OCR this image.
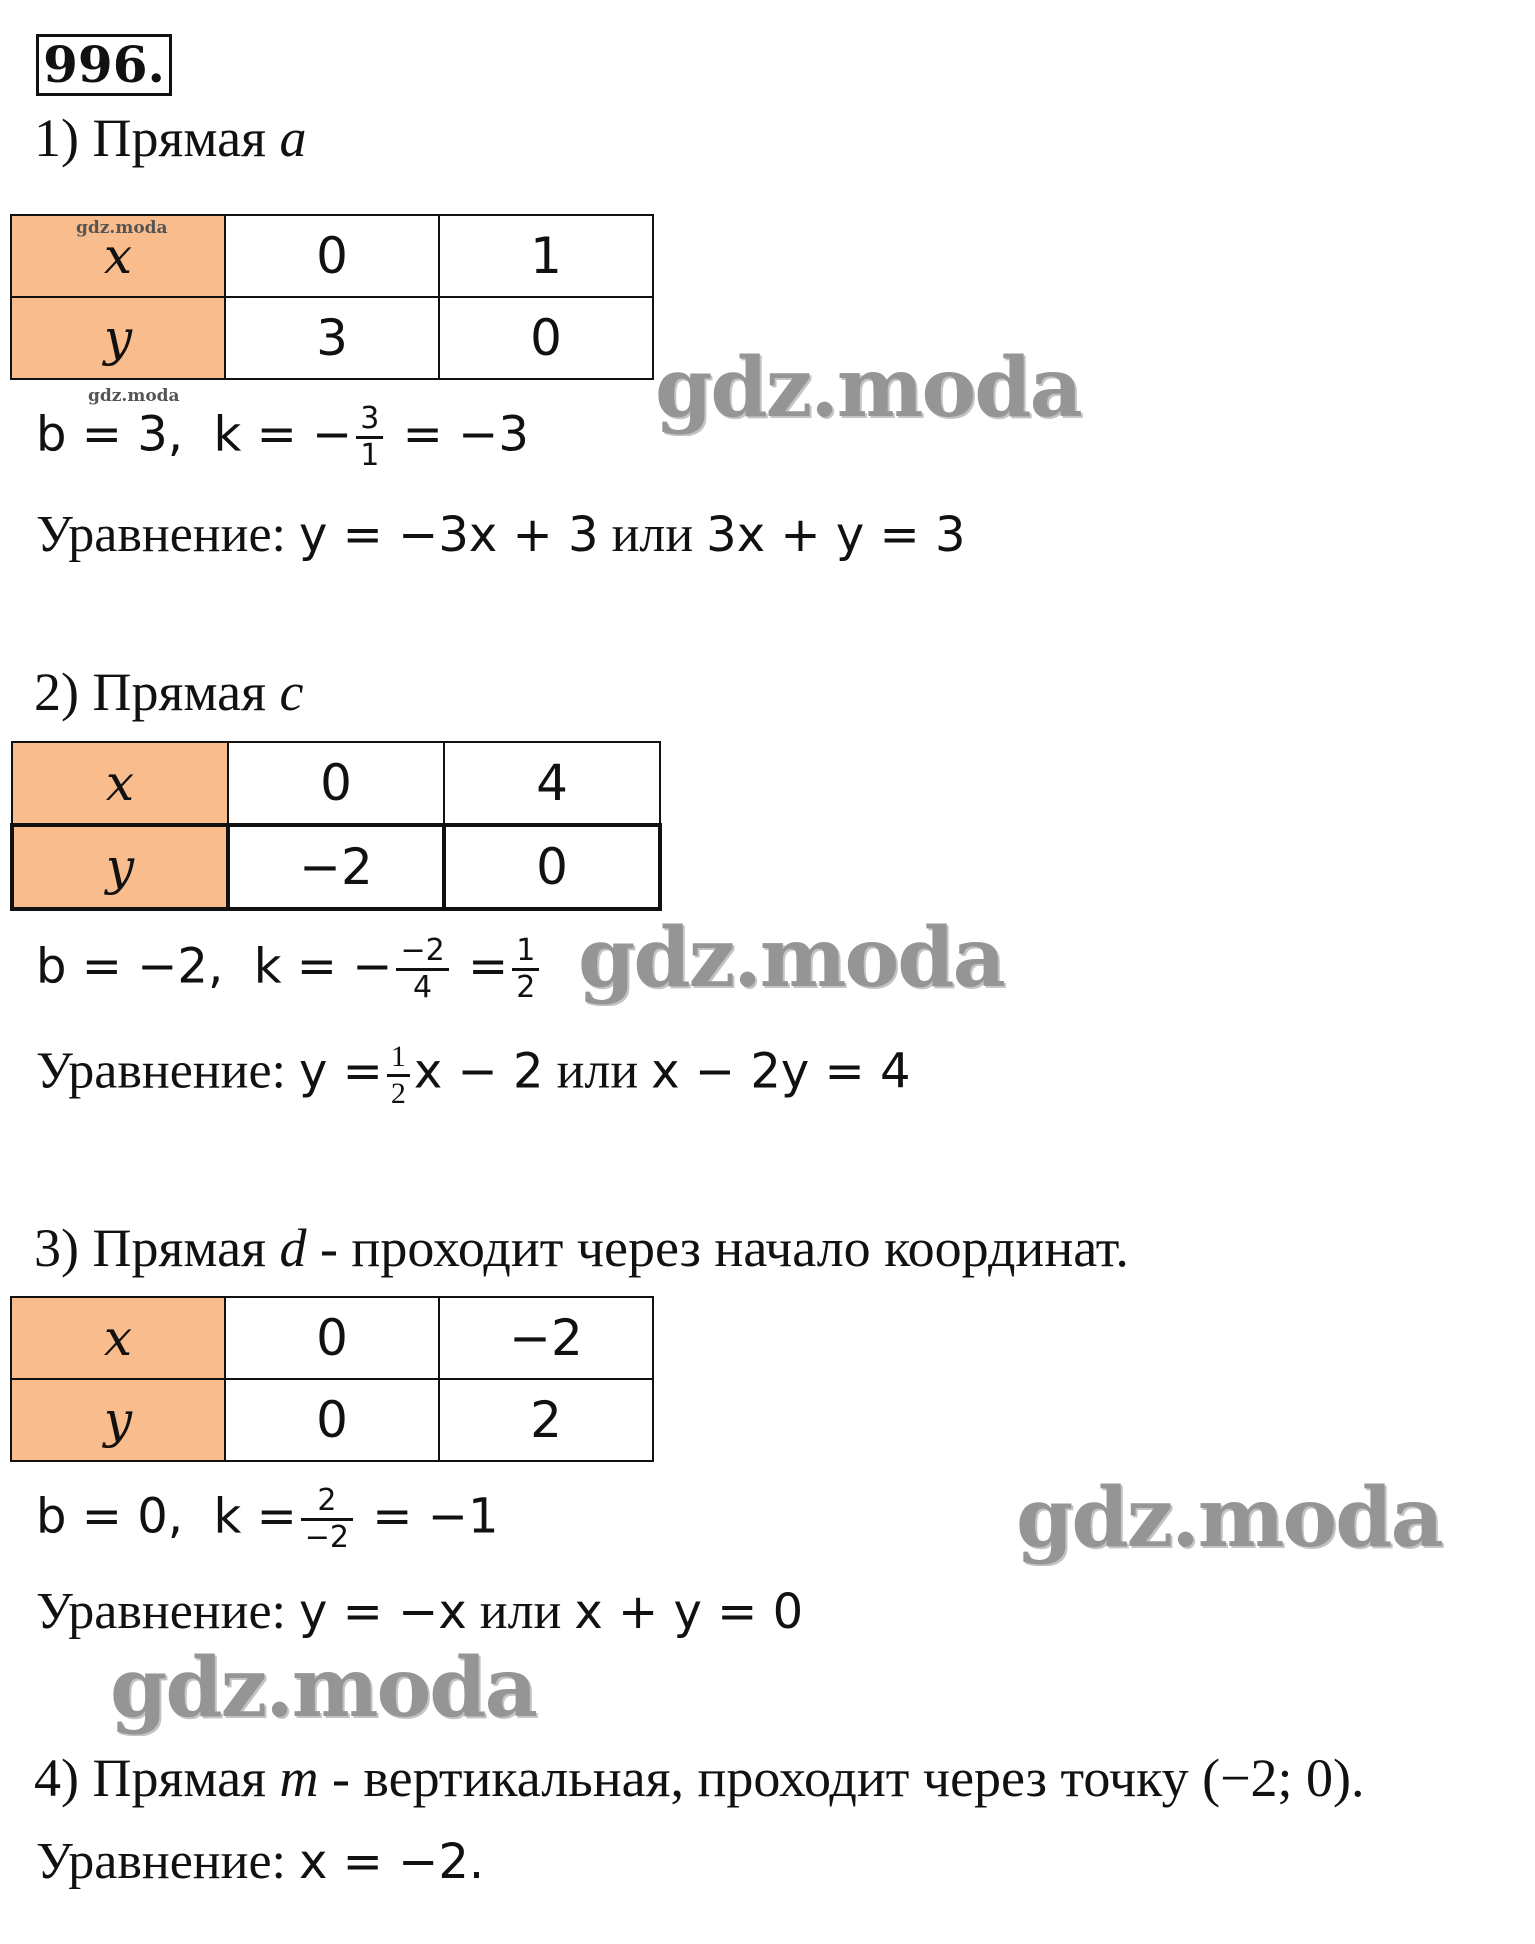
996.
1) Прямая a
x	0	1
y	3	0
gdz.moda
gdz.moda
b = 3, k = − $\frac{3}{1} = -3$
Уравнение: y = −3x + 3 или 3x + y = 3
gdz.moda
2) Прямая c
x	0	4
y	−2	0
b = −2, k = − $\frac{-2}{4} = \frac{1}{2}$ gdz.moda
Уравнение: $y = \frac{1}{2}$ x − 2 или x − 2y = 4
3) Прямая d - проходит через начало координат.
x	0	−2
y	0	2
b = 0, $k = \frac{2}{-2} = -1$	gdz.moda
Уравнение: y = −x или x + y = 0
gdz.moda
4) Прямая m - вертикальная, проходит через точку (−2; 0).
Уравнение: x = −2.
